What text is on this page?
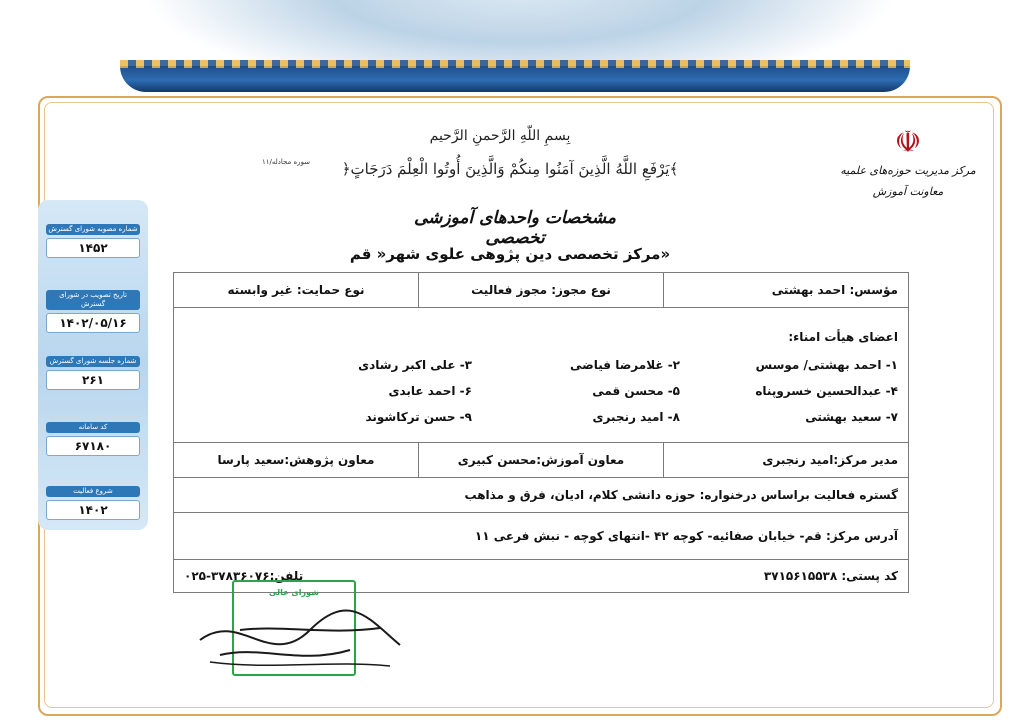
شماره مصوبه شورای گسترش
۱۴۵۲
تاریخ تصویب در شورای گسترش
۱۴۰۲/۰۵/۱۶
شماره جلسه شورای گسترش
۲۶۱
کد سامانه
۶۷۱۸۰
شروع فعالیت
۱۴۰۲
بِسمِ اللّهِ الرَّحمنِ الرَّحیم
سوره مجادله/۱۱	﴿يَرْفَعِ اللَّهُ الَّذِينَ آمَنُوا مِنكُمْ وَالَّذِينَ أُوتُوا الْعِلْمَ دَرَجَاتٍ﴾
مشخصات واحدهای آموزشی تخصصی
مرکز تخصصی دین پژوهی علوی شهر« قم»
☫
مرکز مدیریت حوزه‌های علمیه
معاونت آموزش
مؤسس: احمد بهشتی
نوع مجوز: مجوز فعالیت
نوع حمایت: غیر وابسته
اعضای هیأت امناء:
۱- احمد بهشتی/ موسس
۲- غلامرضا فیاضی
۳- علی اکبر رشادی
۴- عبدالحسین خسروپناه
۵- محسن قمی
۶- احمد عابدی
۷- سعید بهشتی
۸- امید رنجبری
۹- حسن ترکاشوند
مدیر مرکز:امید رنجبری
معاون آموزش:محسن کبیری
معاون پژوهش:سعید پارسا
گستره فعالیت براساس درخنواره: حوزه دانشی کلام، ادیان، فرق و مذاهب
آدرس مرکز: قم- خیابان صفائیه- کوچه ۴۲ -انتهای کوچه - نبش فرعی ۱۱
کد پستی: ۳۷۱۵۶۱۵۵۳۸
تلفن:۳۷۸۳۶۰۷۶-۰۲۵
شورای عالی
